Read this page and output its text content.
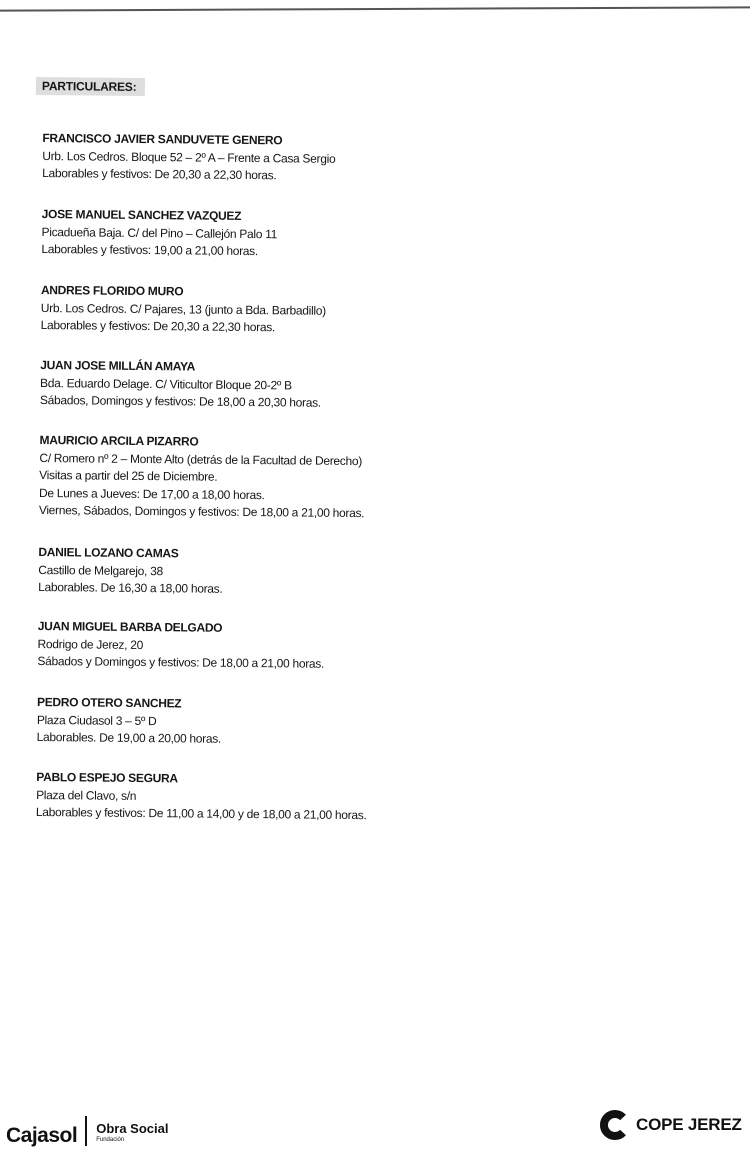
PARTICULARES:
FRANCISCO JAVIER SANDUVETE GENERO
Urb. Los Cedros. Bloque 52 – 2º A – Frente a Casa Sergio
Laborables y festivos: De 20,30 a 22,30 horas.
JOSE MANUEL SANCHEZ VAZQUEZ
Picadueña Baja. C/ del Pino – Callejón Palo 11
Laborables y festivos: 19,00 a 21,00 horas.
ANDRES FLORIDO MURO
Urb. Los Cedros. C/ Pajares, 13 (junto a Bda. Barbadillo)
Laborables y festivos: De 20,30 a 22,30 horas.
JUAN JOSE MILLÁN AMAYA
Bda. Eduardo Delage. C/ Viticultor Bloque 20-2º B
Sábados, Domingos y festivos: De 18,00 a 20,30 horas.
MAURICIO ARCILA PIZARRO
C/ Romero nº 2 – Monte Alto (detrás de la Facultad de Derecho)
Visitas a partir del 25 de Diciembre.
De Lunes a Jueves: De 17,00 a 18,00 horas.
Viernes, Sábados, Domingos y festivos: De 18,00 a 21,00 horas.
DANIEL LOZANO CAMAS
Castillo de Melgarejo, 38
Laborables. De 16,30 a 18,00 horas.
JUAN MIGUEL BARBA DELGADO
Rodrigo de Jerez, 20
Sábados y Domingos y festivos: De 18,00 a 21,00 horas.
PEDRO OTERO SANCHEZ
Plaza Ciudasol 3 – 5º D
Laborables. De 19,00 a 20,00 horas.
PABLO ESPEJO SEGURA
Plaza del Clavo, s/n
Laborables y festivos: De 11,00 a 14,00 y de 18,00 a 21,00 horas.
Cajasol Obra Social
Fundación
COPE JEREZ
